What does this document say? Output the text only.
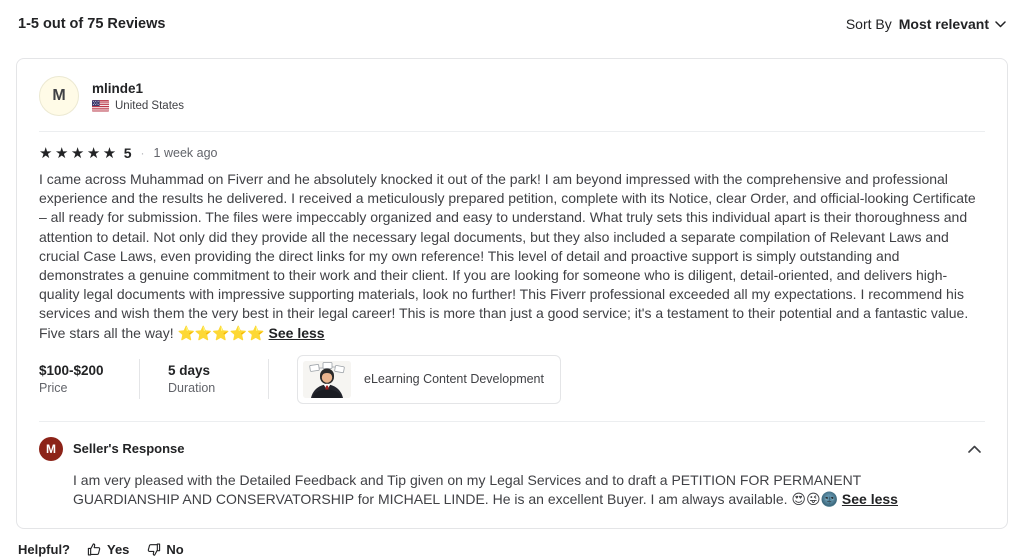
1-5 out of 75 Reviews	Sort By Most relevant
M mlinde1
United States
★★★★★ 5 · 1 week ago
I came across Muhammad on Fiverr and he absolutely knocked it out of the park! I am beyond impressed with the comprehensive and professional experience and the results he delivered. I received a meticulously prepared petition, complete with its Notice, clear Order, and official-looking Certificate – all ready for submission. The files were impeccably organized and easy to understand. What truly sets this individual apart is their thoroughness and attention to detail. Not only did they provide all the necessary legal documents, but they also included a separate compilation of Relevant Laws and crucial Case Laws, even providing the direct links for my own reference! This level of detail and proactive support is simply outstanding and demonstrates a genuine commitment to their work and their client. If you are looking for someone who is diligent, detail-oriented, and delivers high-quality legal documents with impressive supporting materials, look no further! This Fiverr professional exceeded all my expectations. I recommend his services and wish them the very best in their legal career! This is more than just a good service; it's a testament to their potential and a fantastic value. Five stars all the way! ⭐⭐⭐⭐⭐ See less
$100-$200
Price
5 days
Duration
eLearning Content Development
M Seller's Response
I am very pleased with the Detailed Feedback and Tip given on my Legal Services and to draft a PETITION FOR PERMANENT GUARDIANSHIP AND CONSERVATORSHIP for MICHAEL LINDE. He is an excellent Buyer. I am always available. 😍😜🌚 See less
Helpful?	Yes	No
